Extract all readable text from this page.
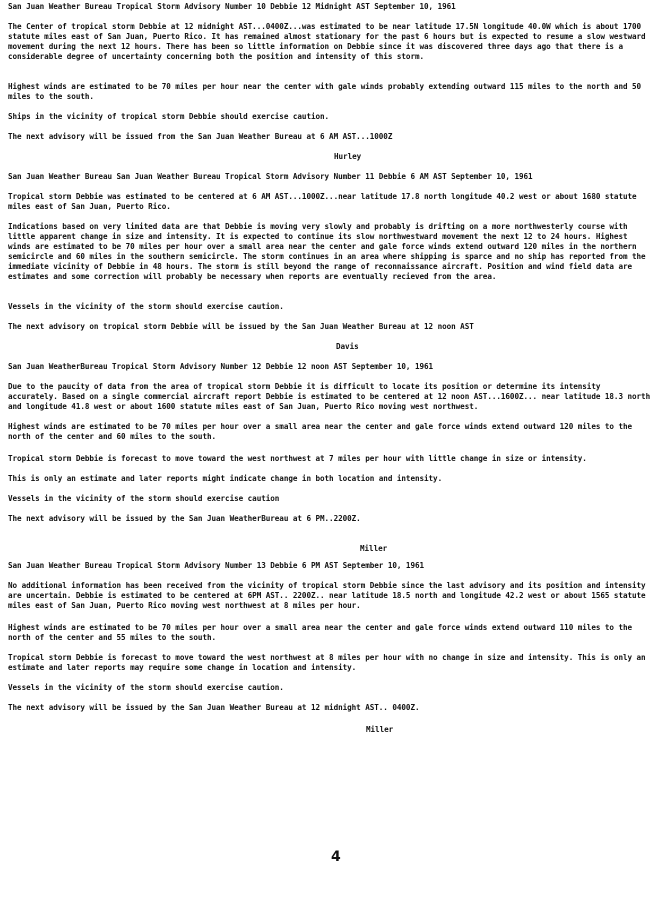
San Juan Weather Bureau Tropical Storm Advisory Number 10 Debbie 12 Midnight AST September 10, 1961

The Center of tropical storm Debbie at 12 midnight AST...0400Z...was estimated to be near latitude 17.5N longitude 40.0W which is about 1700 statute miles east of San Juan, Puerto Rico. It has remained almost stationary for the past 6 hours but is expected to resume a slow westward movement during the next 12 hours. There has been so little information on Debbie since it was discovered three days ago that there is a considerable degree of uncertainty concerning both the position and intensity of this storm.

Highest winds are estimated to be 70 miles per hour near the center with gale winds probably extending outward 115 miles to the north and 50 miles to the south.

Ships in the vicinity of tropical storm Debbie should exercise caution.

The next advisory will be issued from the San Juan Weather Bureau at 6 AM AST...1000Z

Hurley
San Juan Weather Bureau San Juan Weather Bureau Tropical Storm Advisory Number 11 Debbie 6 AM AST September 10, 1961

Tropical storm Debbie was estimated to be centered at 6 AM AST...1000Z...near latitude 17.8 north longitude 40.2 west or about 1680 statute miles east of San Juan, Puerto Rico.

Indications based on very limited data are that Debbie is moving very slowly and probably is drifting on a more northwesterly course with little apparent change in size and intensity. It is expected to continue its slow northwestward movement the next 12 to 24 hours. Highest winds are estimated to be 70 miles per hour over a small area near the center and gale force winds extend outward 120 miles in the northern semicircle and 60 miles in the southern semicircle. The storm continues in an area where shipping is sparce and no ship has reported from the immediate vicinity of Debbie in 48 hours. The storm is still beyond the range of reconnaissance aircraft. Position and wind field data are estimates and some correction will probably be necessary when reports are eventually recieved from the area.

Vessels in the vicinity of the storm should exercise caution.

The next advisory on tropical storm Debbie will be issued by the San Juan Weather Bureau at 12 noon AST

Davis
San Juan WeatherBureau Tropical Storm Advisory Number 12 Debbie 12 noon AST September 10, 1961

Due to the paucity of data from the area of tropical storm Debbie it is difficult to locate its position or determine its intensity accurately. Based on a single commercial aircraft report Debbie is estimated to be centered at 12 noon AST...1600Z... near latitude 18.3 north and longitude 41.8 west or about 1600 statute miles east of San Juan, Puerto Rico moving west northwest.

Highest winds are estimated to be 70 miles per hour over a small area near the center and gale force winds extend outward 120 miles to the north of the center and 60 miles to the south.

Tropical storm Debbie is forecast to move toward the west northwest at 7 miles per hour with little change in size or intensity.

This is only an estimate and later reports might indicate change in both location and intensity.

Vessels in the vicinity of the storm should exercise caution

The next advisory will be issued by the San Juan WeatherBureau at 6 PM..2200Z.

Miller
San Juan Weather Bureau Tropical Storm Advisory Number 13 Debbie 6 PM AST September 10, 1961

No additional information has been received from the vicinity of tropical storm Debbie since the last advisory and its position and intensity are uncertain. Debbie is estimated to be centered at 6PM AST.. 2200Z.. near latitude 18.5 north and longitude 42.2 west or about 1565 statute miles east of San Juan, Puerto Rico moving west northwest at 8 miles per hour.

Highest winds are estimated to be 70 miles per hour over a small area near the center and gale force winds extend outward 110 miles to the north of the center and 55 miles to the south.

Tropical storm Debbie is forecast to move toward the west northwest at 8 miles per hour with no change in size and intensity. This is only an estimate and later reports may require some change in location and intensity.

Vessels in the vicinity of the storm should exercise caution.

The next advisory will be issued by the San Juan Weather Bureau at 12 midnight AST.. 0400Z.

Miller
4
